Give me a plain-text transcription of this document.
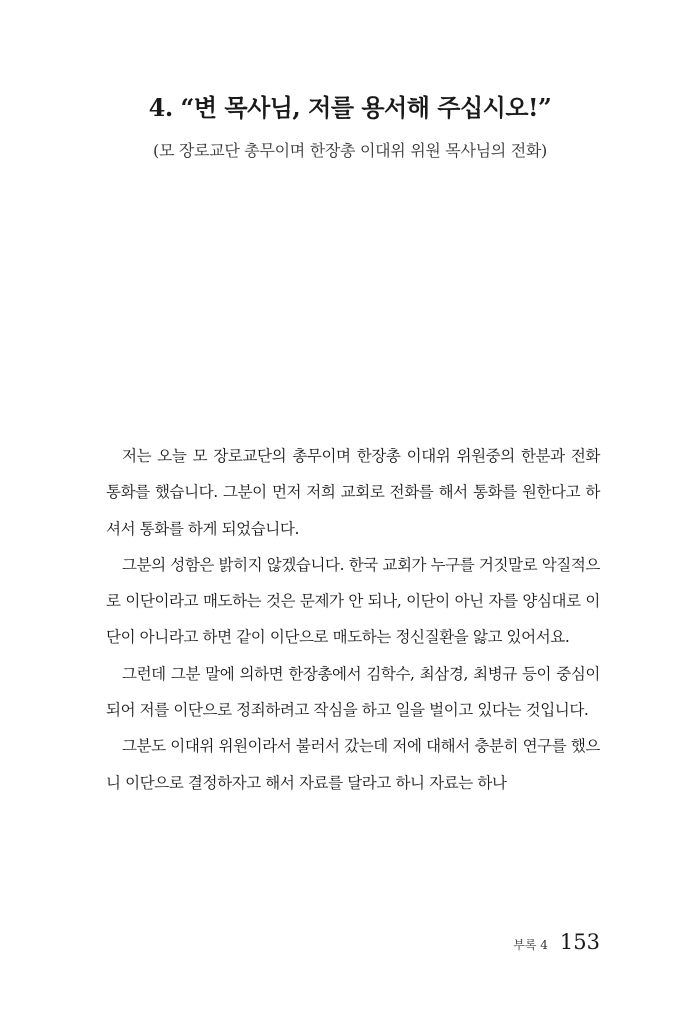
4. “변 목사님, 저를 용서해 주십시오!”

(모 장로교단 총무이며 한장총 이대위 위원 목사님의 전화)

저는 오늘 모 장로교단의 총무이며 한장총 이대위 위원중의 한분과 전화 통화를 했습니다. 그분이 먼저 저희 교회로 전화를 해서 통화를 원한다고 하셔서 통화를 하게 되었습니다.

그분의 성함은 밝히지 않겠습니다. 한국 교회가 누구를 거짓말로 악질적으로 이단이라고 매도하는 것은 문제가 안 되나, 이단이 아닌 자를 양심대로 이단이 아니라고 하면 같이 이단으로 매도하는 정신질환을 앓고 있어서요.

그런데 그분 말에 의하면 한장총에서 김학수, 최삼경, 최병규 등이 중심이 되어 저를 이단으로 정죄하려고 작심을 하고 일을 벌이고 있다는 것입니다.

그분도 이대위 위원이라서 불러서 갔는데 저에 대해서 충분히 연구를 했으니 이단으로 결정하자고 해서 자료를 달라고 하니 자료는 하나

부록 4 153
